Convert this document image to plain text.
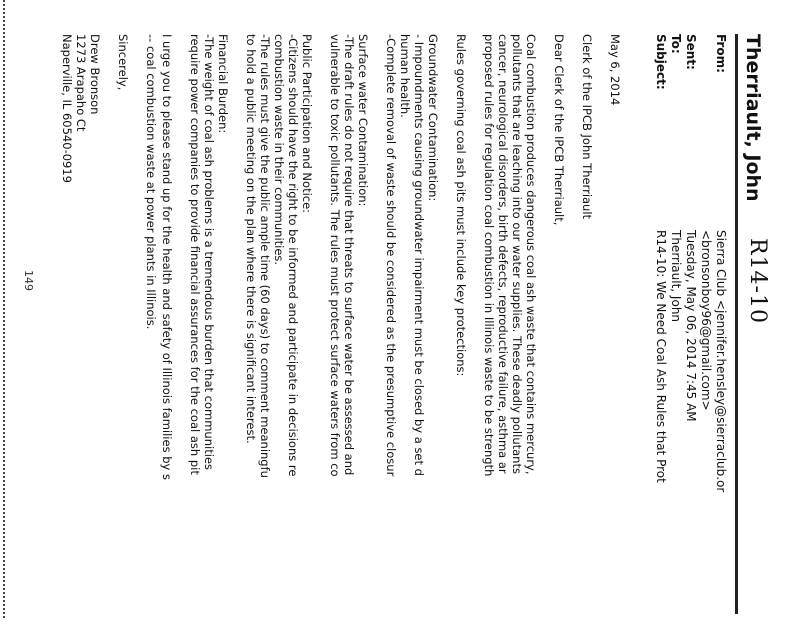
R14-10
Therriault, John
From:
Sierra Club <jennifer.hensley@sierraclub.or
<bronsonboy96@gmail.com>
Sent:
Tuesday, May 06, 2014 7:45 AM
To:
Therriault, John
Subject:
R14-10: We Need Coal Ash Rules that Prot

May 6, 2014

Clerk of the IPCB John Therriault

Dear Clerk of the IPCB Therriault,

Coal combustion produces dangerous coal ash waste that contains mercury,
pollutants that are leaching into our water supplies. These deadly pollutants
cancer, neurological disorders, birth defects, reproductive failure, asthma ar
proposed rules for regulation coal combustion in Illinois waste to be strength

Rules governing coal ash pits must include key protections:

Groundwater Contamination:
- Impoundments causing groundwater impairment must be closed by a set d
human health.
-Complete removal of waste should be considered as the presumptive closur

Surface water Contamination:
-The draft rules do not require that threats to surface water be assessed and
vulnerable to toxic pollutants. The rules must protect surface waters from co

Public Participation and Notice:
-Citizens should have the right to be informed and participate in decisions re
combustion waste in their communities.
-The rules must give the public ample time (60 days) to comment meaningfu
to hold a public meeting on the plan where there is significant interest.

Financial Burden:
-The weight of coal ash problems is a tremendous burden that communities
require power companies to provide financial assurances for the coal ash pit

I urge you to please stand up for the health and safety of Illinois families by s

-- coal combustion waste at power plants in Illinois.

Sincerely,

Drew Bronson
1273 Arapaho Ct
Naperville, IL 60540-0919

149
